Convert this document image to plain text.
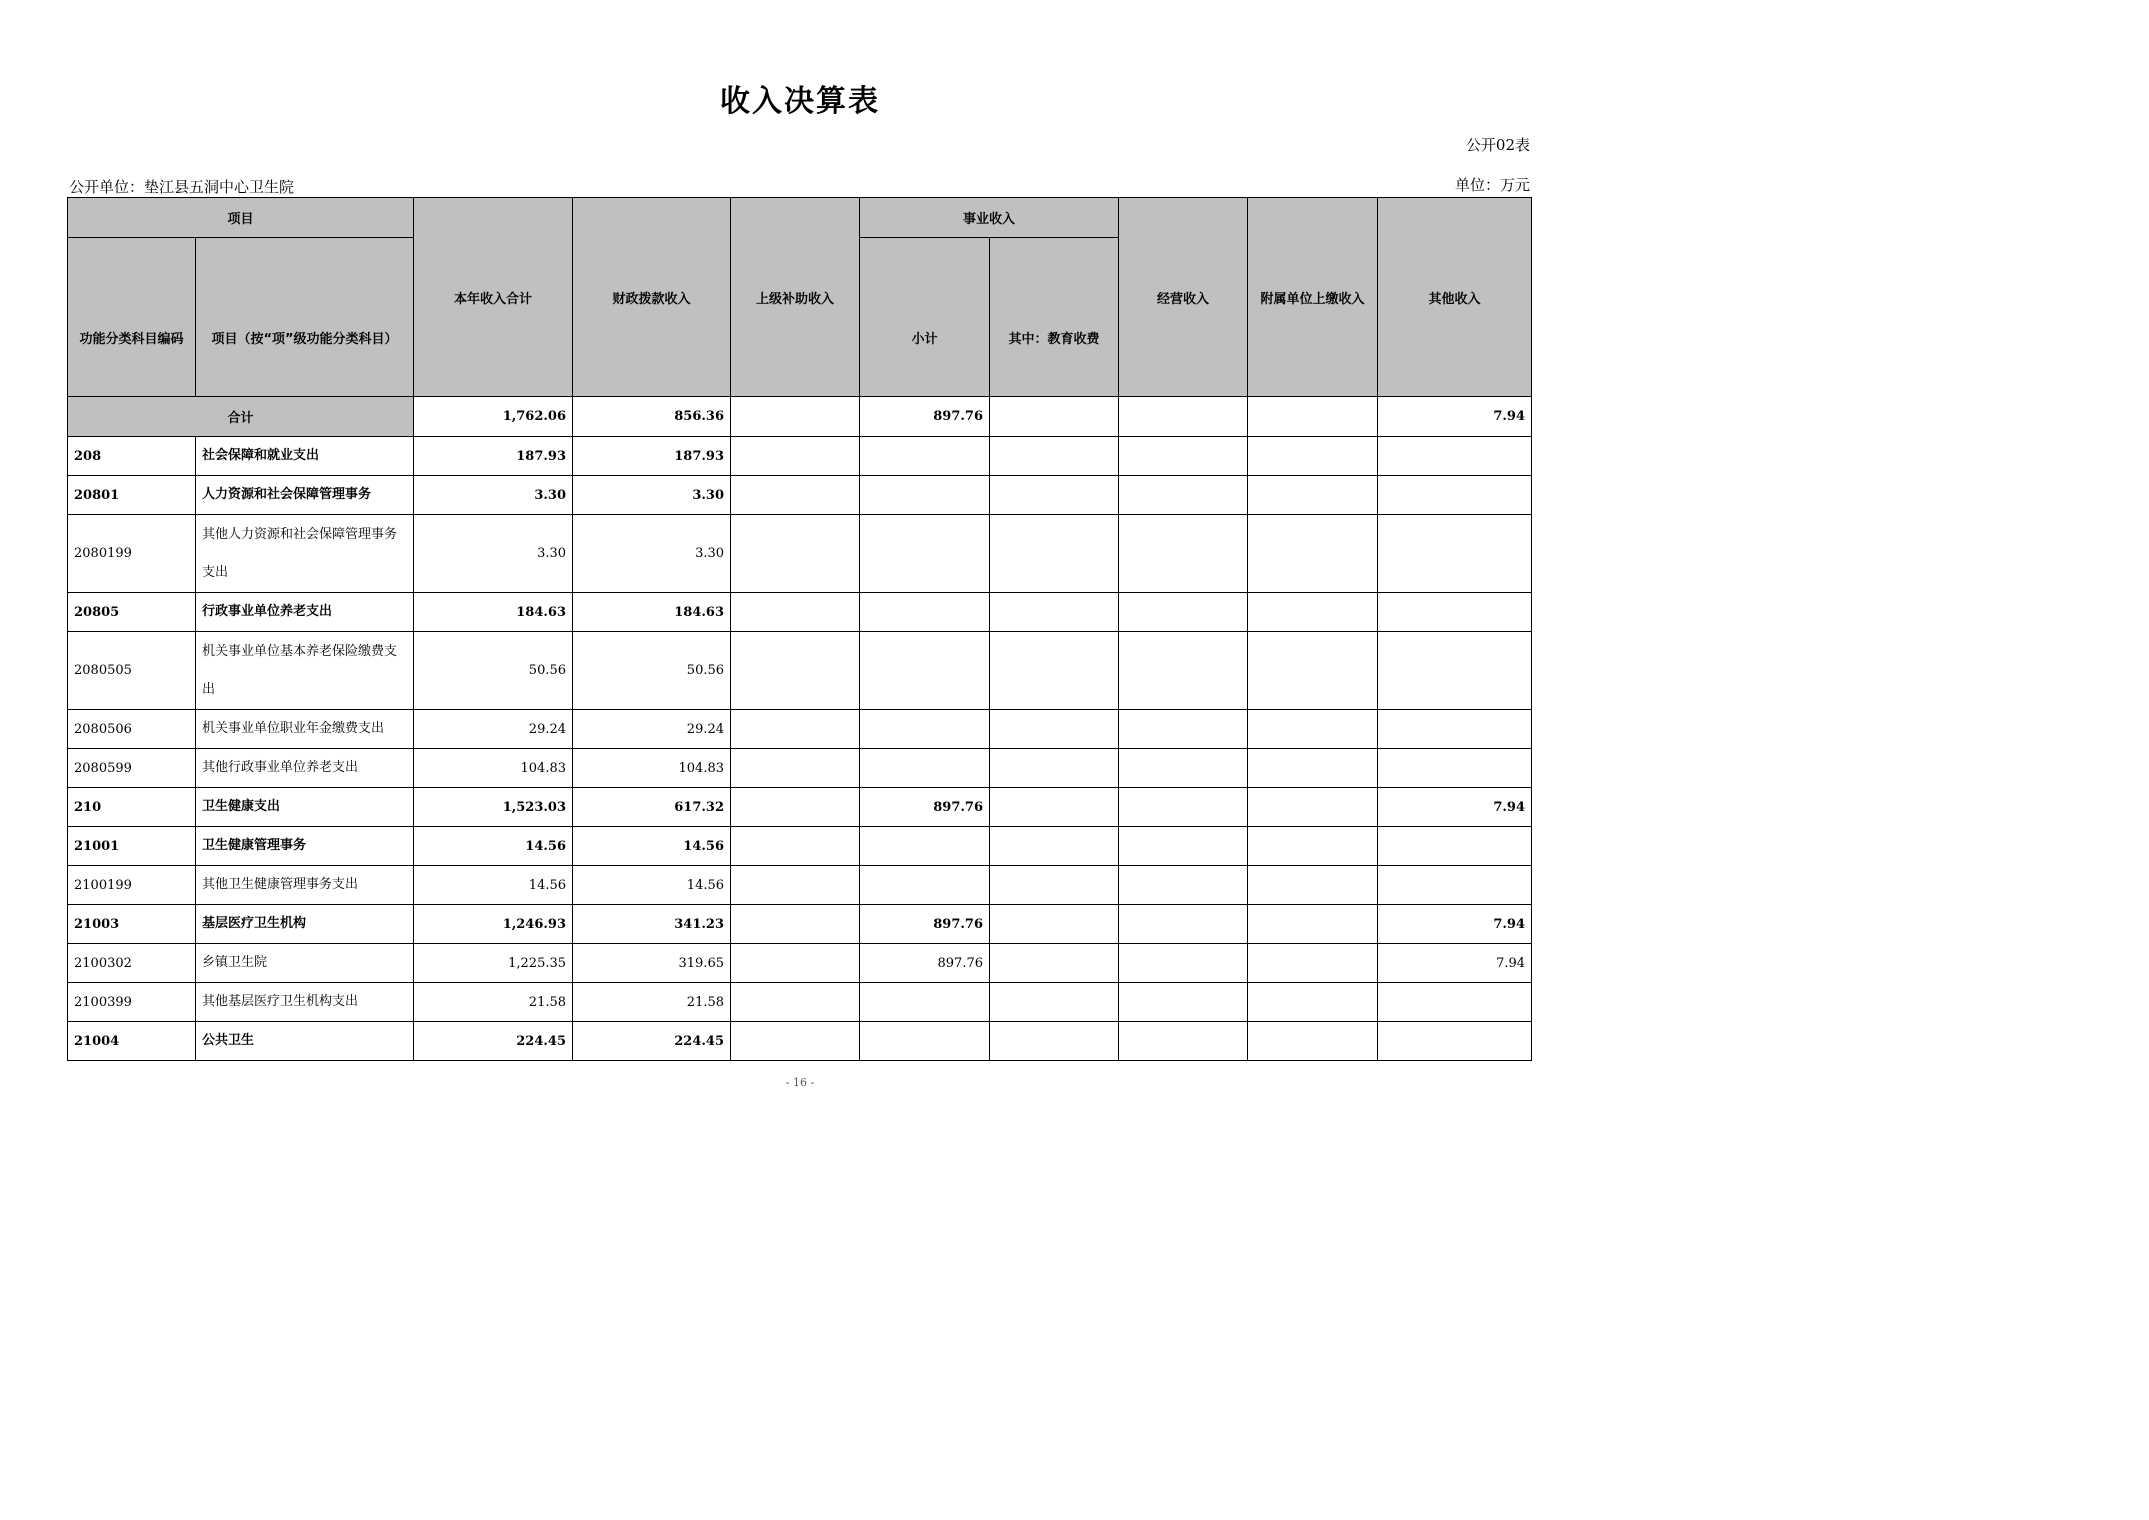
收入决算表
公开02表
公开单位：垫江县五洞中心卫生院	单位：万元
项目		本年收入合计	财政拨款收入	上级补助收入	事业收入		经营收入	附属单位上缴收入	其他收入
功能分类科目编码	项目（按“项”级功能分类科目）				小计	其中：教育收费			
合计		1,762.06	856.36		897.76				7.94
208	社会保障和就业支出	187.93	187.93						
20801	人力资源和社会保障管理事务	3.30	3.30						
2080199	其他人力资源和社会保障管理事务支出	3.30	3.30						
20805	行政事业单位养老支出	184.63	184.63						
2080505	机关事业单位基本养老保险缴费支出	50.56	50.56						
2080506	机关事业单位职业年金缴费支出	29.24	29.24						
2080599	其他行政事业单位养老支出	104.83	104.83						
210	卫生健康支出	1,523.03	617.32		897.76				7.94
21001	卫生健康管理事务	14.56	14.56						
2100199	其他卫生健康管理事务支出	14.56	14.56						
21003	基层医疗卫生机构	1,246.93	341.23		897.76				7.94
2100302	乡镇卫生院	1,225.35	319.65		897.76				7.94
2100399	其他基层医疗卫生机构支出	21.58	21.58						
21004	公共卫生	224.45	224.45						
- 16 -
